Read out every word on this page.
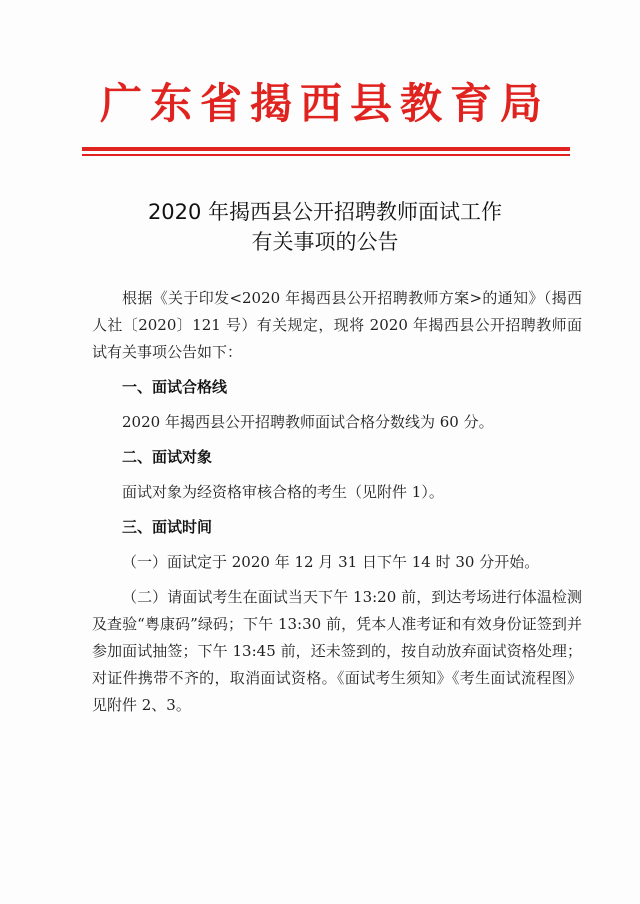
广东省揭西县教育局
2020 年揭西县公开招聘教师面试工作
有关事项的公告

根据《关于印发<2020 年揭西县公开招聘教师方案>的通知》（揭西人社〔2020〕121 号）有关规定，现将 2020 年揭西县公开招聘教师面试有关事项公告如下：

一、面试合格线

2020 年揭西县公开招聘教师面试合格分数线为 60 分。

二、面试对象

面试对象为经资格审核合格的考生（见附件 1）。

三、面试时间

（一）面试定于 2020 年 12 月 31 日下午 14 时 30 分开始。

（二）请面试考生在面试当天下午 13:20 前，到达考场进行体温检测及查验“粤康码”绿码；下午 13:30 前，凭本人准考证和有效身份证签到并参加面试抽签；下午 13:45 前，还未签到的，按自动放弃面试资格处理；对证件携带不齐的，取消面试资格。《面试考生须知》《考生面试流程图》见附件 2、3。
